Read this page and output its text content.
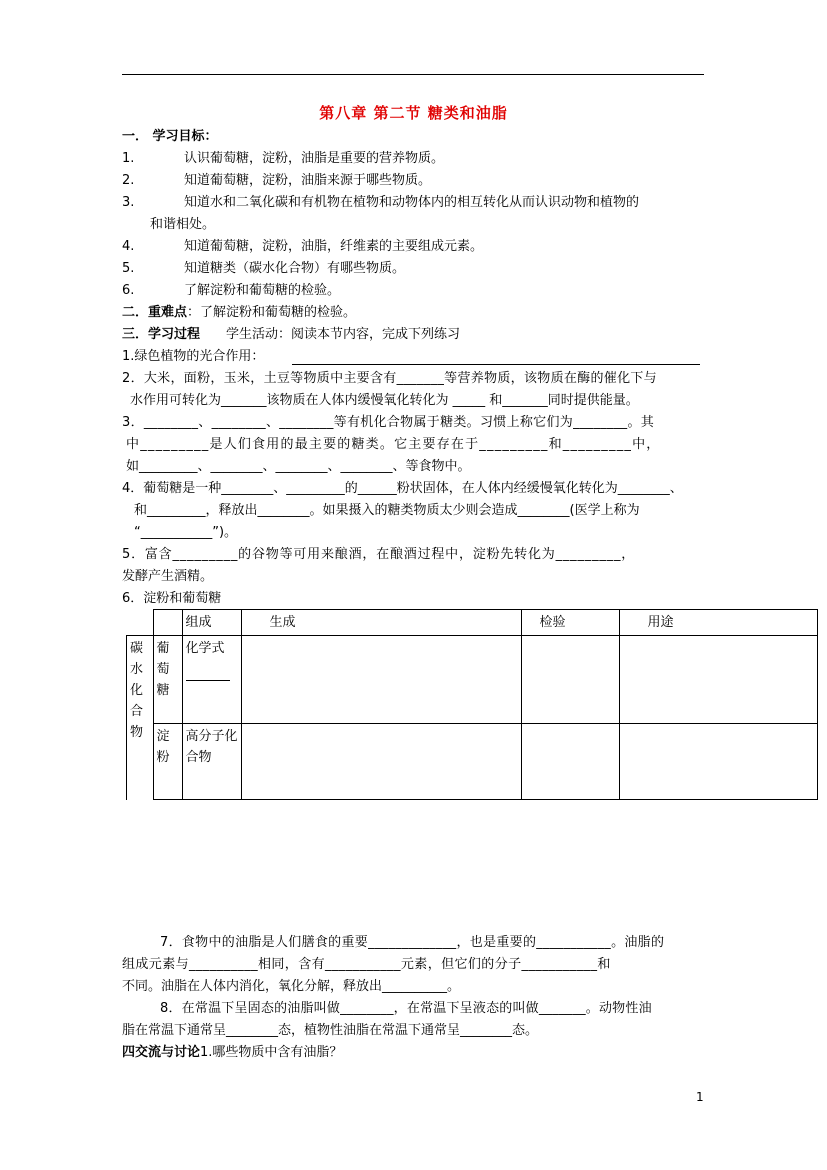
第八章 第二节 糖类和油脂
一． 学习目标：
1.	认识葡萄糖，淀粉，油脂是重要的营养物质。
2.	知道葡萄糖，淀粉，油脂来源于哪些物质。
3.	知道水和二氧化碳和有机物在植物和动物体内的相互转化从而认识动物和植物的
和谐相处。
4.	知道葡萄糖，淀粉，油脂，纤维素的主要组成元素。
5.	知道糖类（碳水化合物）有哪些物质。
6.	了解淀粉和葡萄糖的检验。
二．重难点：了解淀粉和葡萄糖的检验。
三．学习过程 学生活动：阅读本节内容，完成下列练习
1.绿色植物的光合作用：
2．大米，面粉，玉米，土豆等物质中主要含有_______等营养物质，该物质在酶的催化下与
水作用可转化为_______该物质在人体内缓慢氧化转化为 _____ 和_______同时提供能量。
3．________、________、________等有机化合物属于糖类。习惯上称它们为________。其
中_________是人们食用的最主要的糖类。它主要存在于_________和_________中，
如_________、________、________、________、等食物中。
4．葡萄糖是一种________、_________的______粉状固体，在人体内经缓慢氧化转化为________、
和_________，释放出________。如果摄入的糖类物质太少则会造成________(医学上称为
“___________”)。
5．富含_________的谷物等可用来酿酒，在酿酒过程中，淀粉先转化为_________，
发酵产生酒精。
6．淀粉和葡萄糖
		组成	生成	检验	用途

碳水化合物	葡萄糖	化学式

	淀粉	高分子化合物			

7．食物中的油脂是人们膳食的重要_____________，也是重要的___________。油脂的
组成元素与__________相同，含有___________元素，但它们的分子___________和
不同。油脂在人体内消化，氧化分解，释放出__________。
8．在常温下呈固态的油脂叫做________，在常温下呈液态的叫做_______。动物性油
脂在常温下通常呈________态，植物性油脂在常温下通常呈________态。
四交流与讨论1.哪些物质中含有油脂？
1
